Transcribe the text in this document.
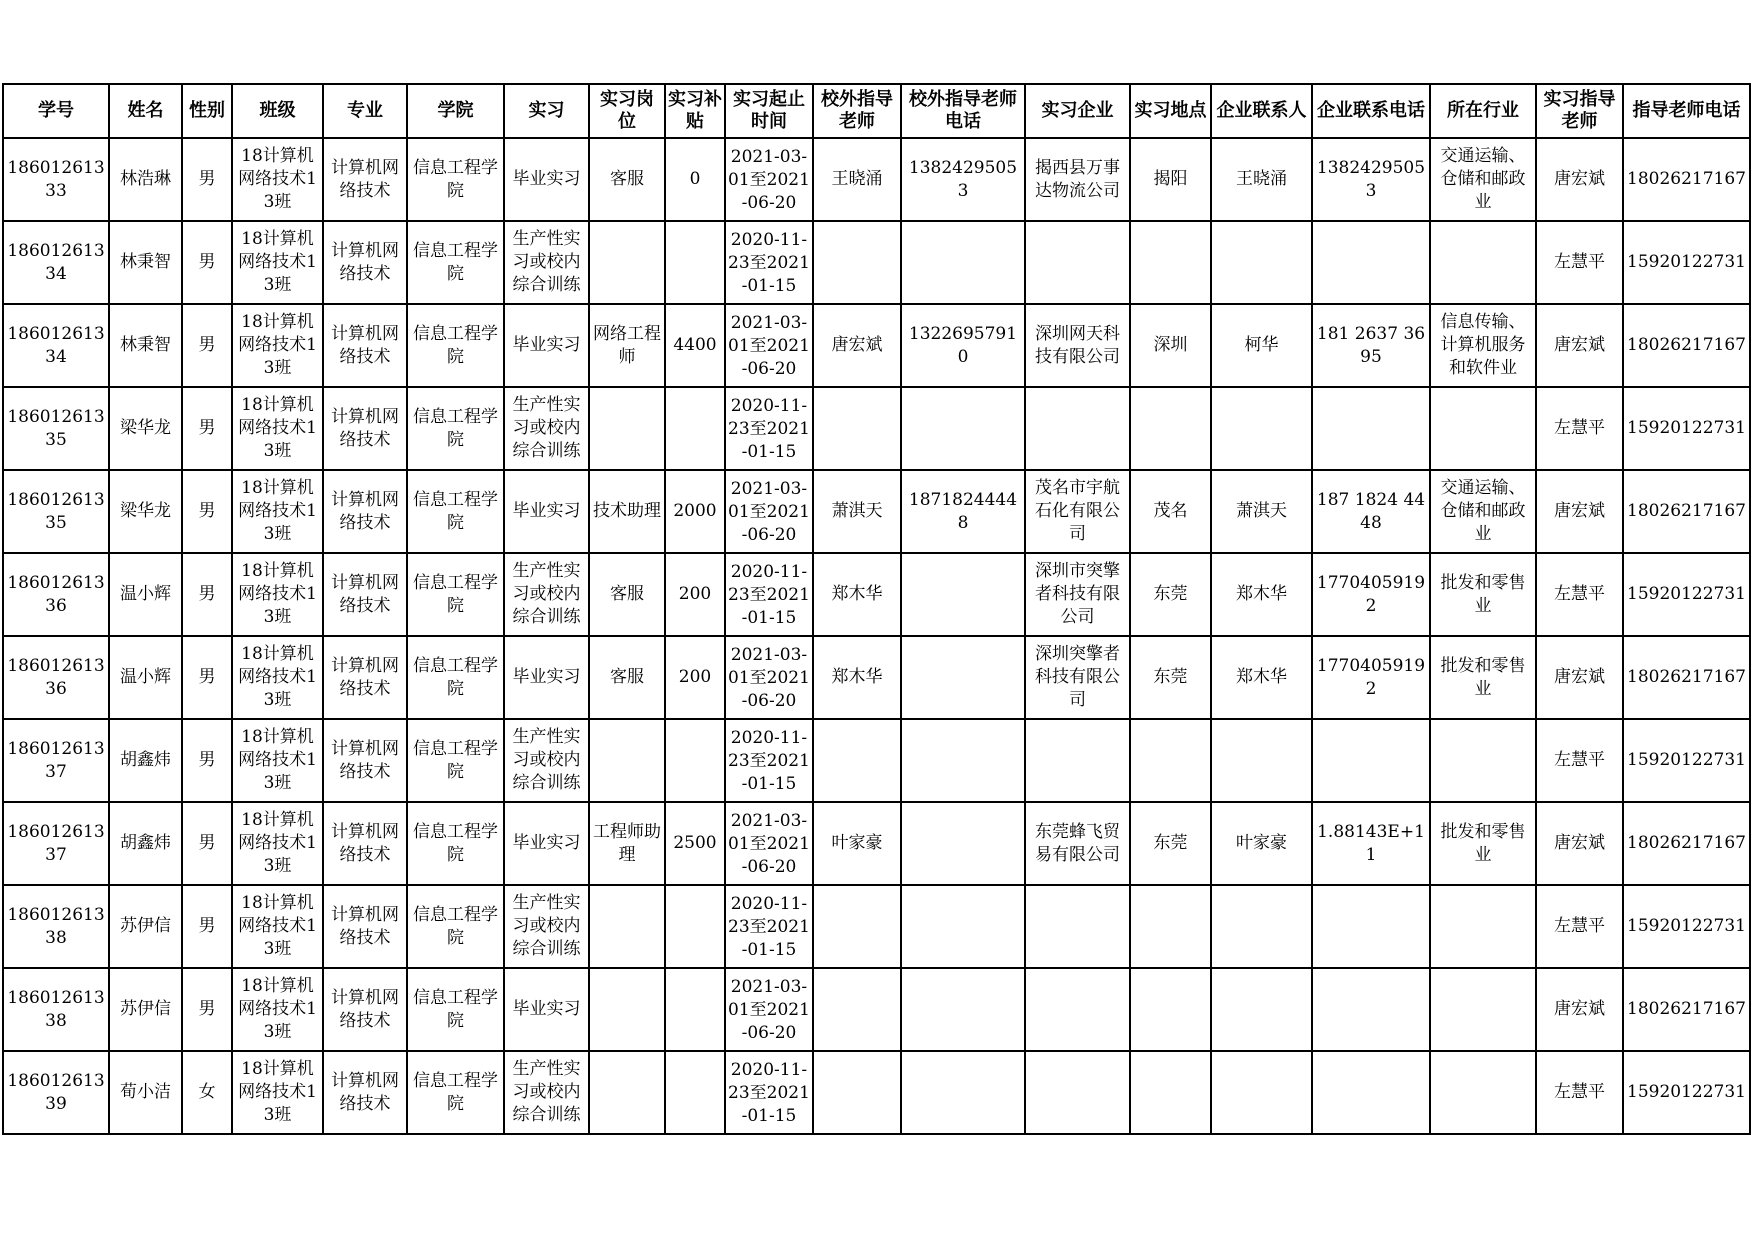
学号	姓名	性别	班级	专业	学院	实习	实习岗位	实习补贴	实习起止时间	校外指导老师	校外指导老师电话	实习企业	实习地点	企业联系人	企业联系电话	所在行业	实习指导老师	指导老师电话

18601261333	林浩琳	男	18计算机网络技术13班	计算机网络技术	信息工程学院	毕业实习	客服	0	2021-03-01至2021-06-20	王晓涌	13824295053	揭西县万事达物流公司	揭阳	王晓涌	13824295053	交通运输、仓储和邮政业	唐宏斌	18026217167

18601261334	林秉智	男	18计算机网络技术13班	计算机网络技术	信息工程学院	生产性实习或校内综合训练			2020-11-23至2021-01-15								左慧平	15920122731

18601261334	林秉智	男	18计算机网络技术13班	计算机网络技术	信息工程学院	毕业实习	网络工程师	4400	2021-03-01至2021-06-20	唐宏斌	13226957910	深圳网天科技有限公司	深圳	柯华	181 2637 3695	信息传输、计算机服务和软件业	唐宏斌	18026217167

18601261335	梁华龙	男	18计算机网络技术13班	计算机网络技术	信息工程学院	生产性实习或校内综合训练			2020-11-23至2021-01-15								左慧平	15920122731

18601261335	梁华龙	男	18计算机网络技术13班	计算机网络技术	信息工程学院	毕业实习	技术助理	2000	2021-03-01至2021-06-20	萧淇天	18718244448	茂名市宇航石化有限公司	茂名	萧淇天	187 1824 4448	交通运输、仓储和邮政业	唐宏斌	18026217167

18601261336	温小辉	男	18计算机网络技术13班	计算机网络技术	信息工程学院	生产性实习或校内综合训练	客服	200	2020-11-23至2021-01-15	郑木华		深圳市突擎者科技有限公司	东莞	郑木华	17704059192	批发和零售业	左慧平	15920122731

18601261336	温小辉	男	18计算机网络技术13班	计算机网络技术	信息工程学院	毕业实习	客服	200	2021-03-01至2021-06-20	郑木华		深圳突擎者科技有限公司	东莞	郑木华	17704059192	批发和零售业	唐宏斌	18026217167

18601261337	胡鑫炜	男	18计算机网络技术13班	计算机网络技术	信息工程学院	生产性实习或校内综合训练			2020-11-23至2021-01-15								左慧平	15920122731

18601261337	胡鑫炜	男	18计算机网络技术13班	计算机网络技术	信息工程学院	毕业实习	工程师助理	2500	2021-03-01至2021-06-20	叶家豪		东莞蜂飞贸易有限公司	东莞	叶家豪	1.88143E+11	批发和零售业	唐宏斌	18026217167

18601261338	苏伊信	男	18计算机网络技术13班	计算机网络技术	信息工程学院	生产性实习或校内综合训练			2020-11-23至2021-01-15								左慧平	15920122731

18601261338	苏伊信	男	18计算机网络技术13班	计算机网络技术	信息工程学院	毕业实习			2021-03-01至2021-06-20								唐宏斌	18026217167

18601261339	荀小洁	女	18计算机网络技术13班	计算机网络技术	信息工程学院	生产性实习或校内综合训练			2020-11-23至2021-01-15								左慧平	15920122731
